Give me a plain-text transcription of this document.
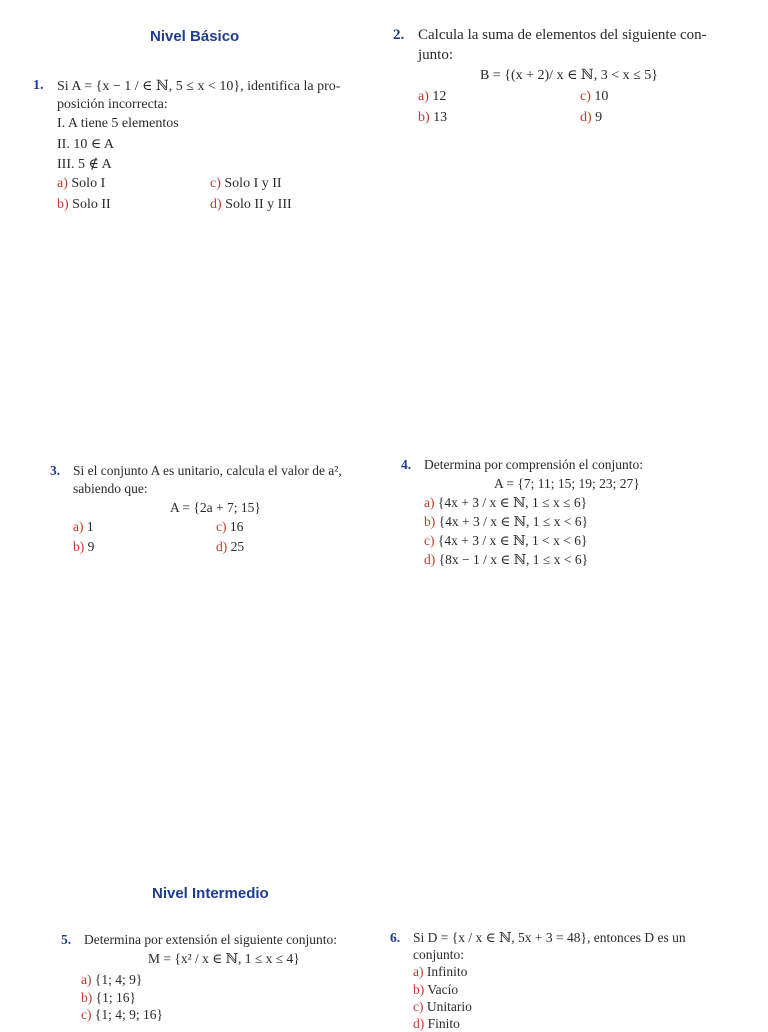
Nivel Básico
1. Si A = {x − 1 / ∈ ℕ, 5 ≤ x < 10}, identifica la pro-
posición incorrecta:
I. A tiene 5 elementos
II. 10 ∈ A
III. 5 ∉ A
a) Solo I
b) Solo II
c) Solo I y II
d) Solo II y III
2. Calcula la suma de elementos del siguiente con-
junto:
B = {(x + 2)/ x ∈ ℕ, 3 < x ≤ 5}
a) 12
b) 13
c) 10
d) 9
3. Si el conjunto A es unitario, calcula el valor de a²,
sabiendo que:
A = {2a + 7; 15}
a) 1
b) 9
c) 16
d) 25
4. Determina por comprensión el conjunto:
A = {7; 11; 15; 19; 23; 27}
a) {4x + 3 / x ∈ ℕ, 1 ≤ x ≤ 6}
b) {4x + 3 / x ∈ ℕ, 1 ≤ x < 6}
c) {4x + 3 / x ∈ ℕ, 1 < x < 6}
d) {8x − 1 / x ∈ ℕ, 1 ≤ x < 6}
Nivel Intermedio
5. Determina por extensión el siguiente conjunto:
M = {x² / x ∈ ℕ, 1 ≤ x ≤ 4}
a) {1; 4; 9}
b) {1; 16}
c) {1; 4; 9; 16}
6. Si D = {x / x ∈ ℕ, 5x + 3 = 48}, entonces D es un
conjunto:
a) Infinito
b) Vacío
c) Unitario
d) Finito
